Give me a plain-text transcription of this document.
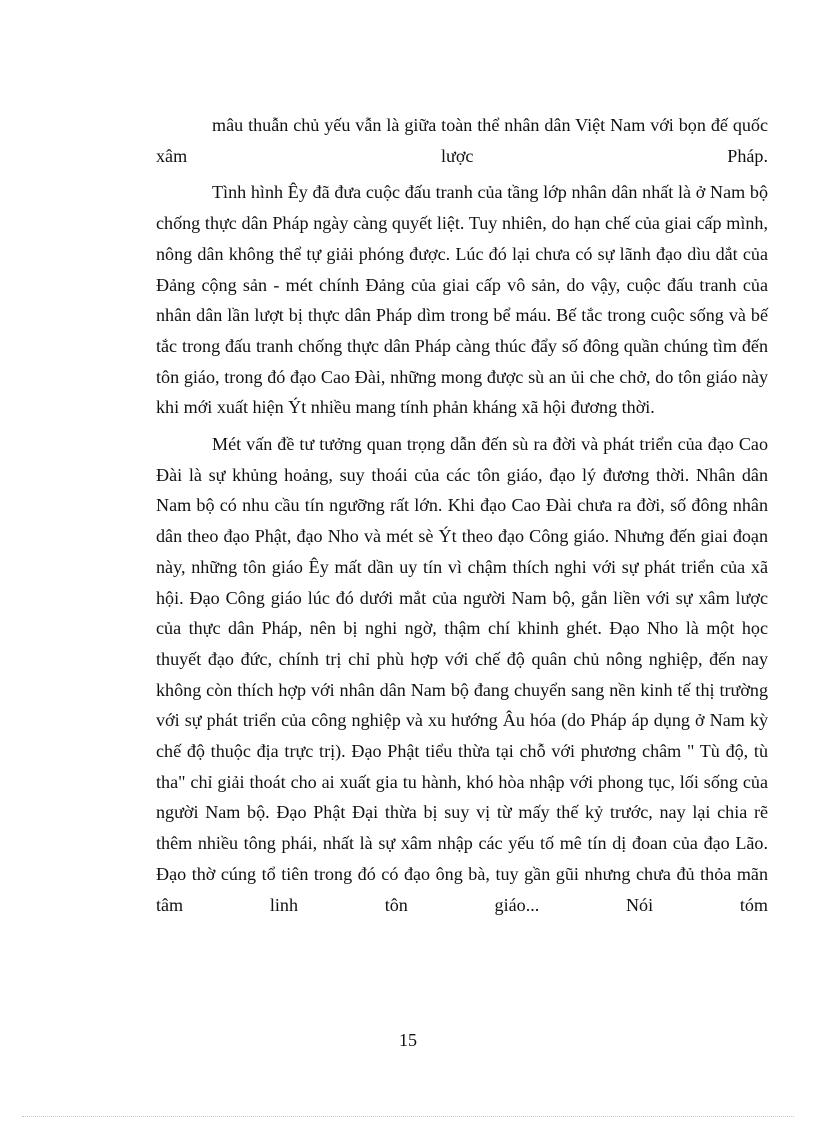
mâu thuẫn chủ yếu vẫn là giữa toàn thể nhân dân Việt Nam với bọn đế quốc xâm lược Pháp.

Tình hình Êy đã đưa cuộc đấu tranh của tầng lớp nhân dân nhất là ở Nam bộ chống thực dân Pháp ngày càng quyết liệt. Tuy nhiên, do hạn chế của giai cấp mình, nông dân không thể tự giải phóng được. Lúc đó lại chưa có sự lãnh đạo dìu dắt của Đảng cộng sản - mét chính Đảng của giai cấp vô sản, do vậy, cuộc đấu tranh của nhân dân lần lượt bị thực dân Pháp dìm trong bể máu. Bế tắc trong cuộc sống và bế tắc trong đấu tranh chống thực dân Pháp càng thúc đẩy số đông quần chúng tìm đến tôn giáo, trong đó đạo Cao Đài, những mong được sù an ủi che chở, do tôn giáo này khi mới xuất hiện Ýt nhiều mang tính phản kháng xã hội đương thời.

Mét vấn đề tư tưởng quan trọng dẫn đến sù ra đời và phát triển của đạo Cao Đài là sự khủng hoảng, suy thoái của các tôn giáo, đạo lý đương thời. Nhân dân Nam bộ có nhu cầu tín ngưỡng rất lớn. Khi đạo Cao Đài chưa ra đời, số đông nhân dân theo đạo Phật, đạo Nho và mét sè Ýt theo đạo Công giáo. Nhưng đến giai đoạn này, những tôn giáo Êy mất dần uy tín vì chậm thích nghi với sự phát triển của xã hội. Đạo Công giáo lúc đó dưới mắt của người Nam bộ, gắn liền với sự xâm lược của thực dân Pháp, nên bị nghi ngờ, thậm chí khinh ghét. Đạo Nho là một học thuyết đạo đức, chính trị chỉ phù hợp với chế độ quân chủ nông nghiệp, đến nay không còn thích hợp với nhân dân Nam bộ đang chuyển sang nền kinh tế thị trường với sự phát triển của công nghiệp và xu hướng Âu hóa (do Pháp áp dụng ở Nam kỳ chế độ thuộc địa trực trị). Đạo Phật tiểu thừa tại chỗ với phương châm " Tù độ, tù tha" chỉ giải thoát cho ai xuất gia tu hành, khó hòa nhập với phong tục, lối sống của người Nam bộ. Đạo Phật Đại thừa bị suy vị từ mấy thế kỷ trước, nay lại chia rẽ thêm nhiều tông phái, nhất là sự xâm nhập các yếu tố mê tín dị đoan của đạo Lão. Đạo thờ cúng tổ tiên trong đó có đạo ông bà, tuy gần gũi nhưng chưa đủ thỏa mãn tâm linh tôn giáo... Nói tóm

15
